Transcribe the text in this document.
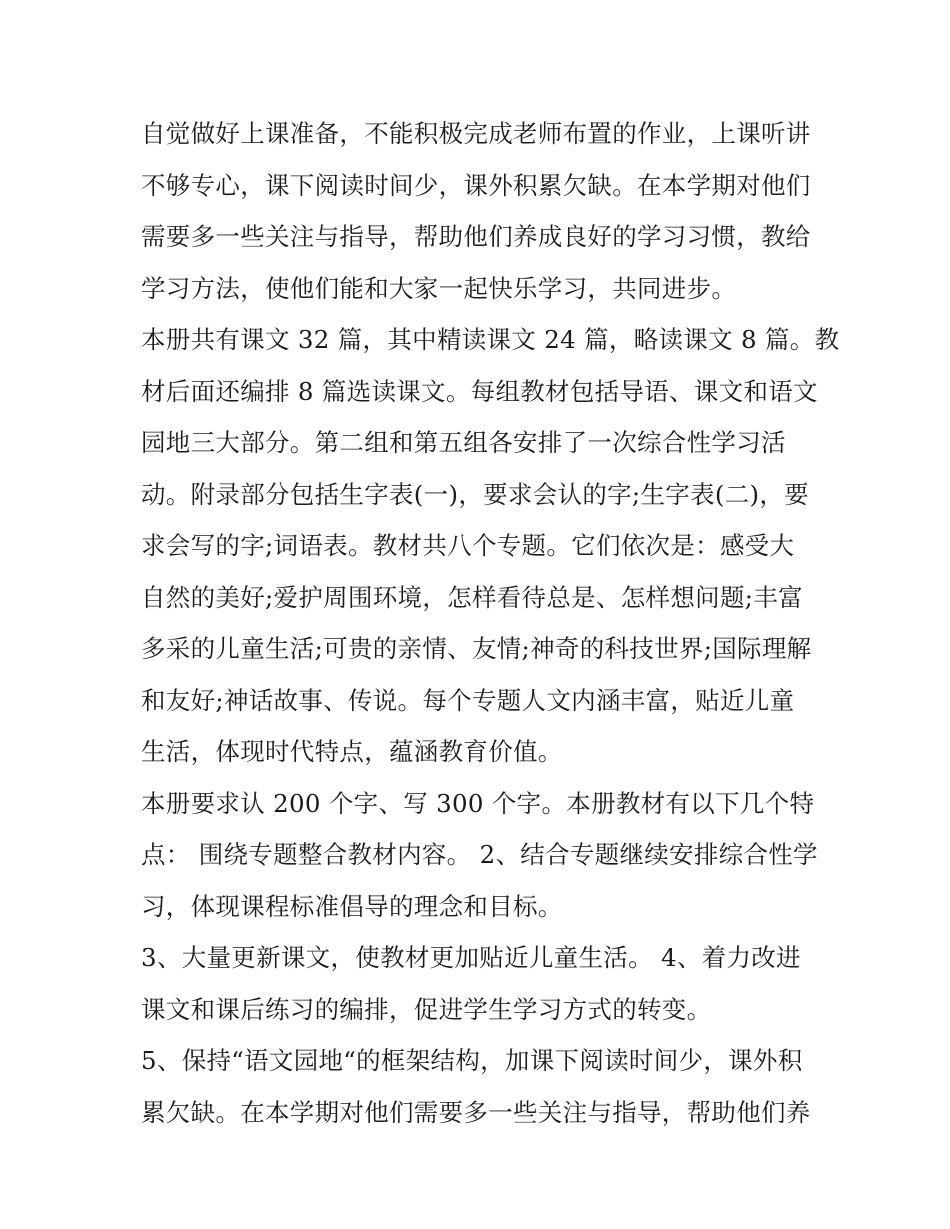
自觉做好上课准备，不能积极完成老师布置的作业，上课听讲
不够专心，课下阅读时间少，课外积累欠缺。在本学期对他们
需要多一些关注与指导，帮助他们养成良好的学习习惯，教给
学习方法，使他们能和大家一起快乐学习，共同进步。
本册共有课文 32 篇，其中精读课文 24 篇，略读课文 8 篇。教
材后面还编排 8 篇选读课文。每组教材包括导语、课文和语文
园地三大部分。第二组和第五组各安排了一次综合性学习活
动。附录部分包括生字表(一)，要求会认的字;生字表(二)，要
求会写的字;词语表。教材共八个专题。它们依次是：感受大
自然的美好;爱护周围环境，怎样看待总是、怎样想问题;丰富
多采的儿童生活;可贵的亲情、友情;神奇的科技世界;国际理解
和友好;神话故事、传说。每个专题人文内涵丰富，贴近儿童
生活，体现时代特点，蕴涵教育价值。
本册要求认 200 个字、写 300 个字。本册教材有以下几个特
点： 围绕专题整合教材内容。 2、结合专题继续安排综合性学
习，体现课程标准倡导的理念和目标。
3、大量更新课文，使教材更加贴近儿童生活。 4、着力改进
课文和课后练习的编排，促进学生学习方式的转变。
5、保持“语文园地“的框架结构，加课下阅读时间少，课外积
累欠缺。在本学期对他们需要多一些关注与指导，帮助他们养
